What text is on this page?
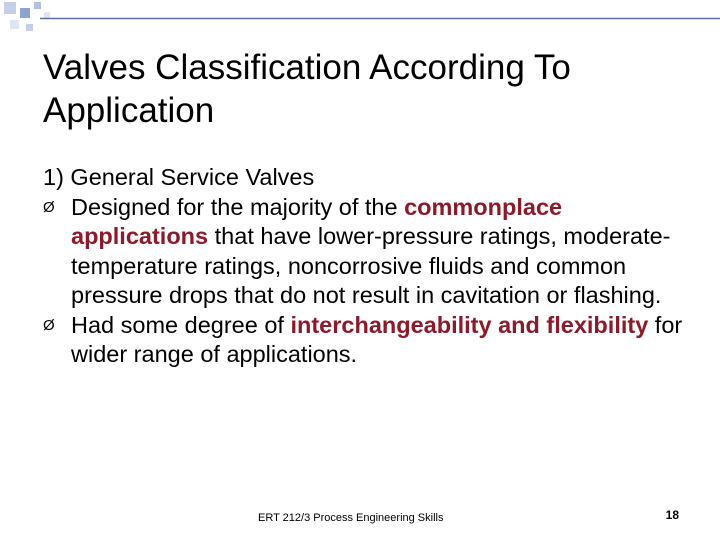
Valves Classification According To Application

1) General Service Valves

Ø Designed for the majority of the commonplace applications that have lower-pressure ratings, moderate-temperature ratings, noncorrosive fluids and common pressure drops that do not result in cavitation or flashing.
Ø Had some degree of interchangeability and flexibility for wider range of applications.
ERT 212/3 Process Engineering Skills	18
